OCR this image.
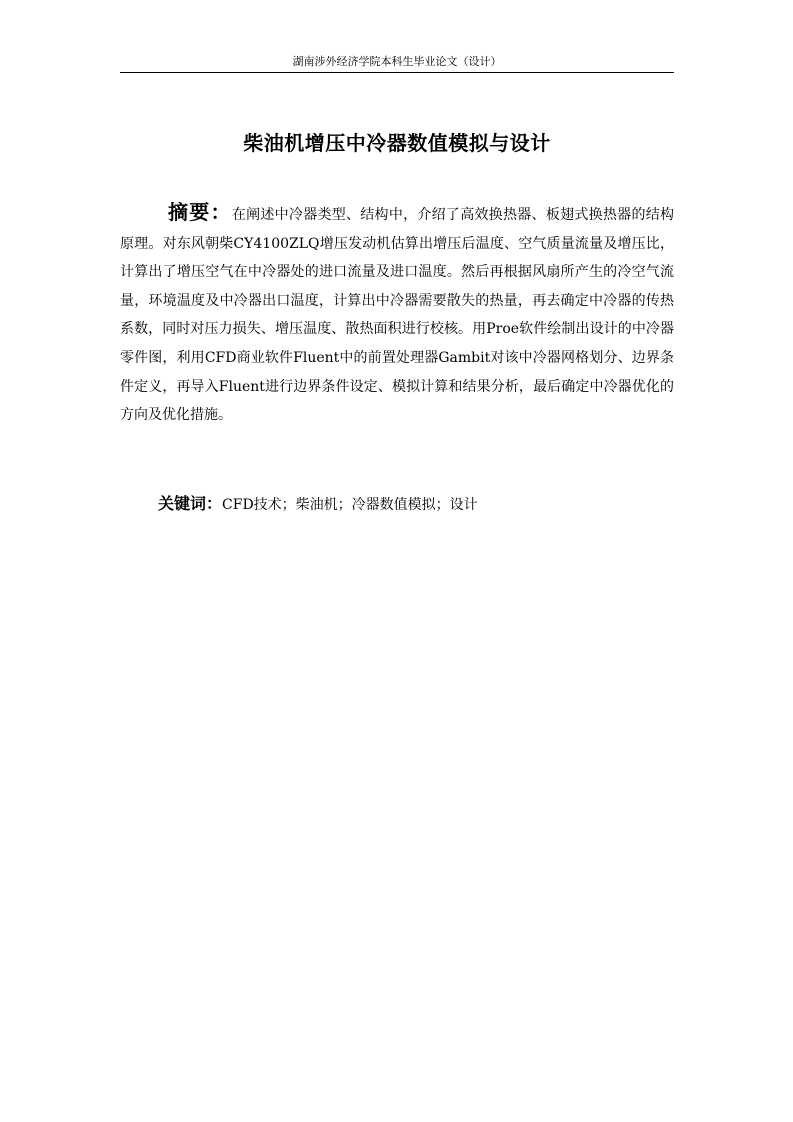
湖南涉外经济学院本科生毕业论文（设计）
柴油机增压中冷器数值模拟与设计

摘要：在阐述中冷器类型、结构中，介绍了高效换热器、板翅式换热器的结构原理。对东风朝柴CY4100ZLQ增压发动机估算出增压后温度、空气质量流量及增压比，计算出了增压空气在中冷器处的进口流量及进口温度。然后再根据风扇所产生的冷空气流量，环境温度及中冷器出口温度，计算出中冷器需要散失的热量，再去确定中冷器的传热系数，同时对压力损失、增压温度、散热面积进行校核。用Proe软件绘制出设计的中冷器零件图，利用CFD商业软件Fluent中的前置处理器Gambit对该中冷器网格划分、边界条件定义，再导入Fluent进行边界条件设定、模拟计算和结果分析，最后确定中冷器优化的方向及优化措施。

关键词：CFD技术；柴油机；冷器数值模拟；设计
